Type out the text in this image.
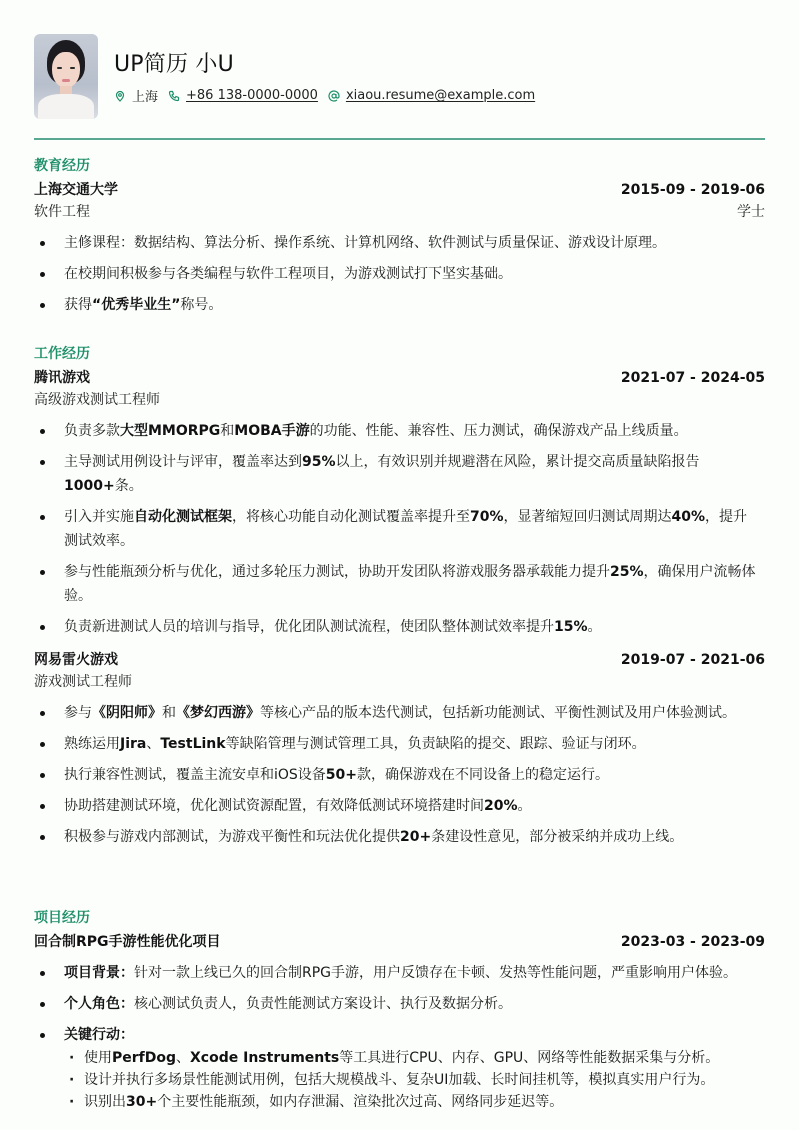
UP简历 小U
上海 +86 138-0000-0000 xiaou.resume@example.com
教育经历
上海交通大学	2015-09 - 2019-06
软件工程	学士
主修课程：数据结构、算法分析、操作系统、计算机网络、软件测试与质量保证、游戏设计原理。
在校期间积极参与各类编程与软件工程项目，为游戏测试打下坚实基础。
获得“优秀毕业生”称号。
工作经历
腾讯游戏	2021-07 - 2024-05
高级游戏测试工程师
负责多款大型MMORPG和MOBA手游的功能、性能、兼容性、压力测试，确保游戏产品上线质量。
主导测试用例设计与评审，覆盖率达到95%以上，有效识别并规避潜在风险，累计提交高质量缺陷报告1000+条。
引入并实施自动化测试框架，将核心功能自动化测试覆盖率提升至70%，显著缩短回归测试周期达40%，提升测试效率。
参与性能瓶颈分析与优化，通过多轮压力测试，协助开发团队将游戏服务器承载能力提升25%，确保用户流畅体验。
负责新进测试人员的培训与指导，优化团队测试流程，使团队整体测试效率提升15%。
网易雷火游戏	2019-07 - 2021-06
游戏测试工程师
参与《阴阳师》和《梦幻西游》等核心产品的版本迭代测试，包括新功能测试、平衡性测试及用户体验测试。
熟练运用Jira、TestLink等缺陷管理与测试管理工具，负责缺陷的提交、跟踪、验证与闭环。
执行兼容性测试，覆盖主流安卓和iOS设备50+款，确保游戏在不同设备上的稳定运行。
协助搭建测试环境，优化测试资源配置，有效降低测试环境搭建时间20%。
积极参与游戏内部测试，为游戏平衡性和玩法优化提供20+条建设性意见，部分被采纳并成功上线。
项目经历
回合制RPG手游性能优化项目	2023-03 - 2023-09
项目背景：针对一款上线已久的回合制RPG手游，用户反馈存在卡顿、发热等性能问题，严重影响用户体验。
个人角色：核心测试负责人，负责性能测试方案设计、执行及数据分析。
关键行动：
· 使用PerfDog、Xcode Instruments等工具进行CPU、内存、GPU、网络等性能数据采集与分析。
· 设计并执行多场景性能测试用例，包括大规模战斗、复杂UI加载、长时间挂机等，模拟真实用户行为。
· 识别出30+个主要性能瓶颈，如内存泄漏、渲染批次过高、网络同步延迟等。
